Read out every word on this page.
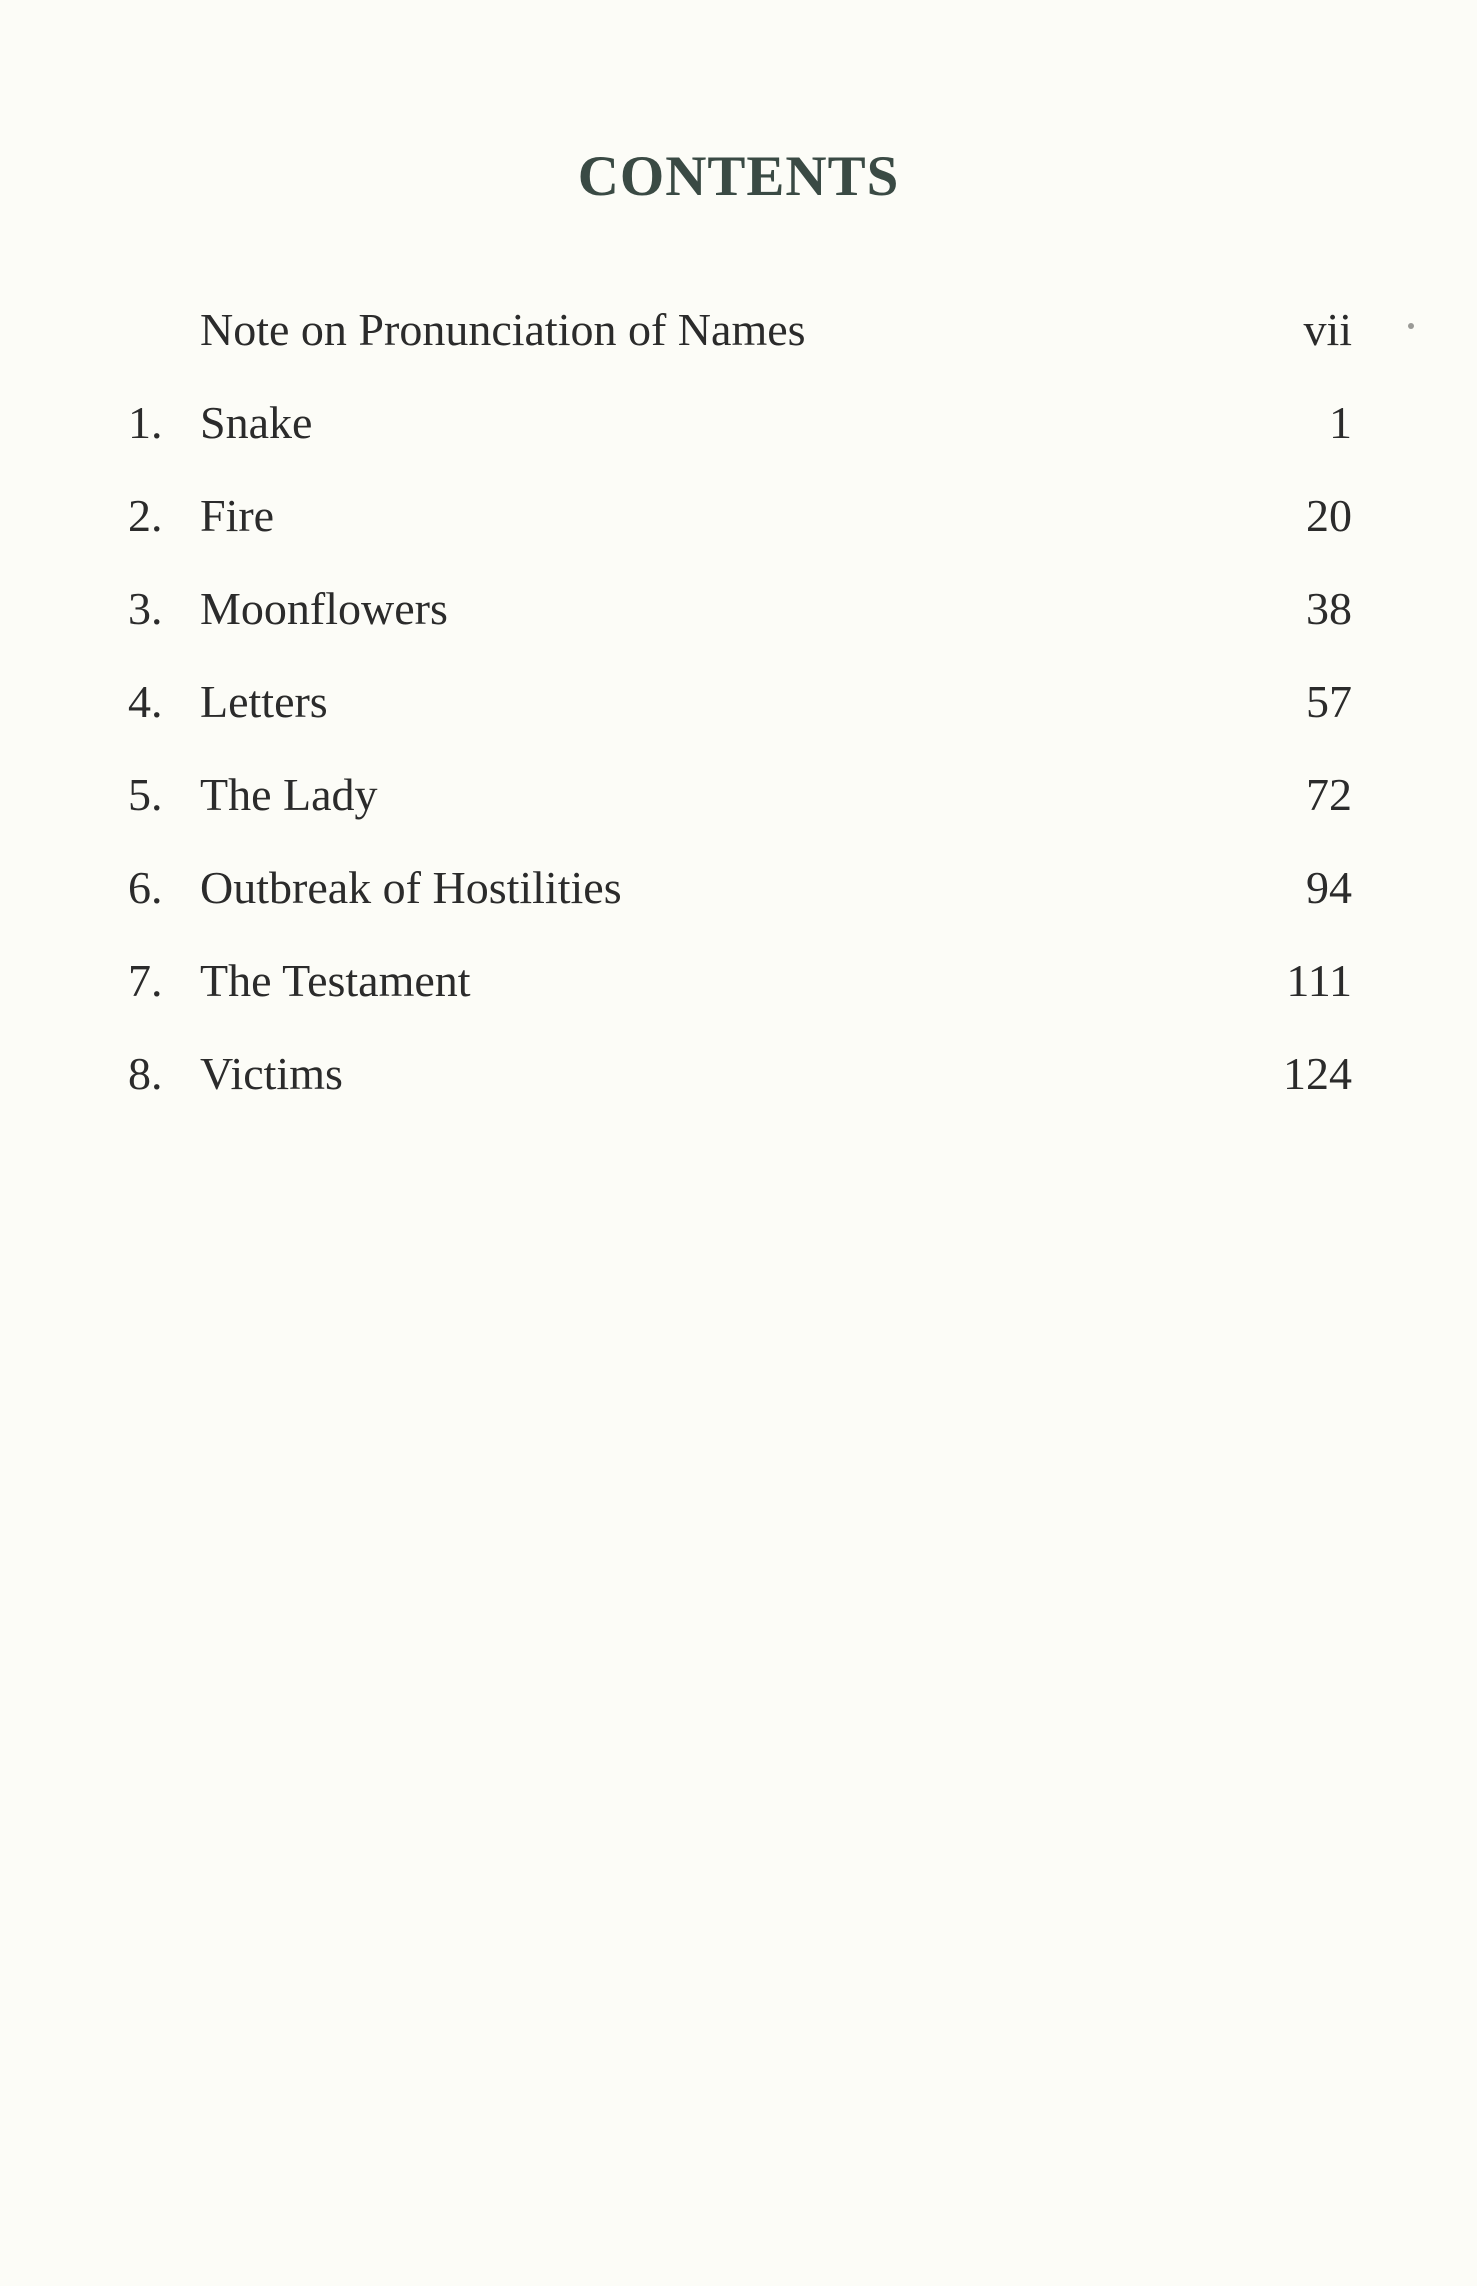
CONTENTS
Note on Pronunciation of Names	vii
1. Snake	1
2. Fire	20
3. Moonflowers	38
4. Letters	57
5. The Lady	72
6. Outbreak of Hostilities	94
7. The Testament	111
8. Victims	124
